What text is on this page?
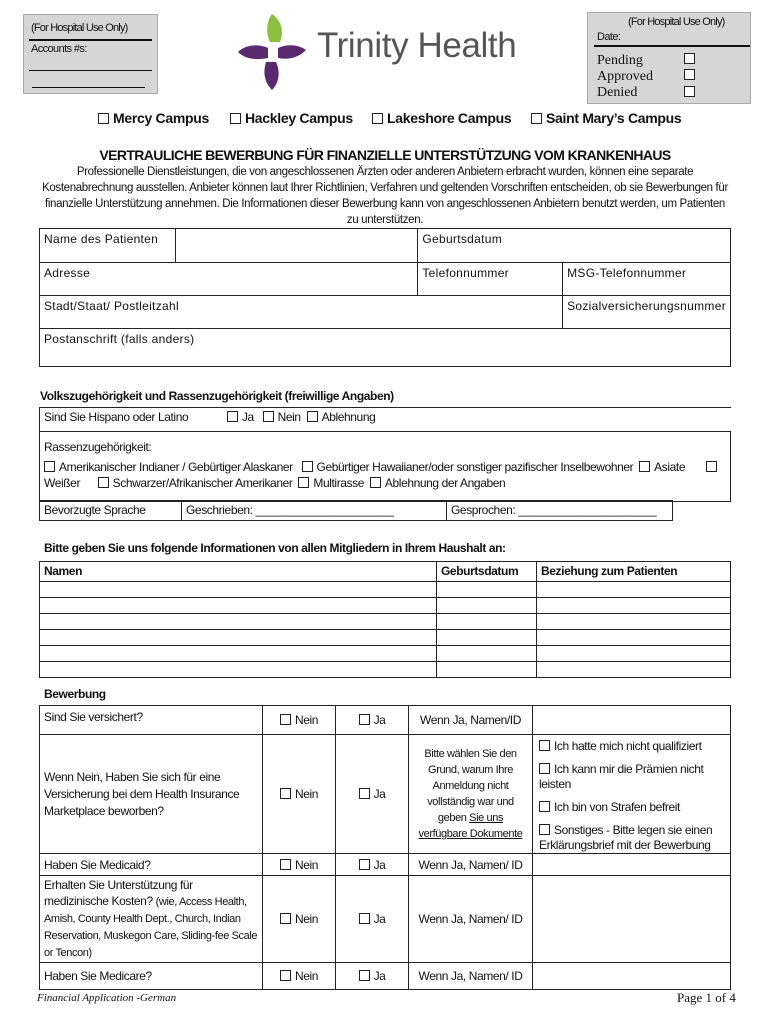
(For Hospital Use Only)
Accounts #s:	Trinity Health
(For Hospital Use Only)
Date:
Pending
Approved
Denied
Mercy Campus	Hackley Campus	Lakeshore Campus	Saint Mary’s Campus
VERTRAULICHE BEWERBUNG FÜR FINANZIELLE UNTERSTÜTZUNG VOM KRANKENHAUS
Professionelle Dienstleistungen, die von angeschlossenen Ärzten oder anderen Anbietern erbracht wurden, können eine separate Kostenabrechnung ausstellen. Anbieter können laut Ihrer Richtlinien, Verfahren und geltenden Vorschriften entscheiden, ob sie Bewerbungen für finanzielle Unterstützung annehmen. Die Informationen dieser Bewerbung kann von angeschlossenen Anbietern benutzt werden, um Patienten zu unterstützen.
Name des Patienten		Geburtsdatum	
Adresse		Telefonnummer	MSG-Telefonnummer
Stadt/Staat/ Postleitzahl			Sozialversicherungsnummer
Postanschrift (falls anders)			
Volkszugehörigkeit und Rassenzugehörigkeit (freiwillige Angaben)
Sind Sie Hispano oder Latino	Ja Nein Ablehnung

Rassenzugehörigkeit:
Amerikanischer Indianer / Gebürtiger Alaskaner Gebürtiger Hawaiianer/oder sonstiger pazifischer Inselbewohner Asiate
Weißer	Schwarzer/Afrikanischer Amerikaner Multirasse Ablehnung der Angaben
Bevorzugte Sprache	Geschrieben: ______________________	Gesprochen: ______________________
Bitte geben Sie uns folgende Informationen von allen Mitgliedern in Ihrem Haushalt an:
Namen	Geburtsdatum	Beziehung zum Patienten

Bewerbung
Sind Sie versichert?	Nein	Ja	Wenn Ja, Namen/ID	
Wenn Nein, Haben Sie sich für eine Versicherung bei dem Health Insurance Marketplace beworben?	Nein	Ja	Bitte wählen Sie den Grund, warum Ihre Anmeldung nicht vollständig war und geben Sie uns verfügbare Dokumente	Ich hatte mich nicht qualifiziert
Ich kann mir die Prämien nicht leisten
Ich bin von Strafen befreit
Sonstiges - Bitte legen sie einen Erklärungsbrief mit der Bewerbung

Haben Sie Medicaid?	Nein	Ja	Wenn Ja, Namen/ ID	
Erhalten Sie Unterstützung für medizinische Kosten? (wie, Access Health, Amish, County Health Dept., Church, Indian Reservation, Muskegon Care, Sliding-fee Scale or Tencon)	Nein	Ja	Wenn Ja, Namen/ ID	
Haben Sie Medicare?	Nein	Ja	Wenn Ja, Namen/ ID	
Financial Application -German	Page 1 of 4
